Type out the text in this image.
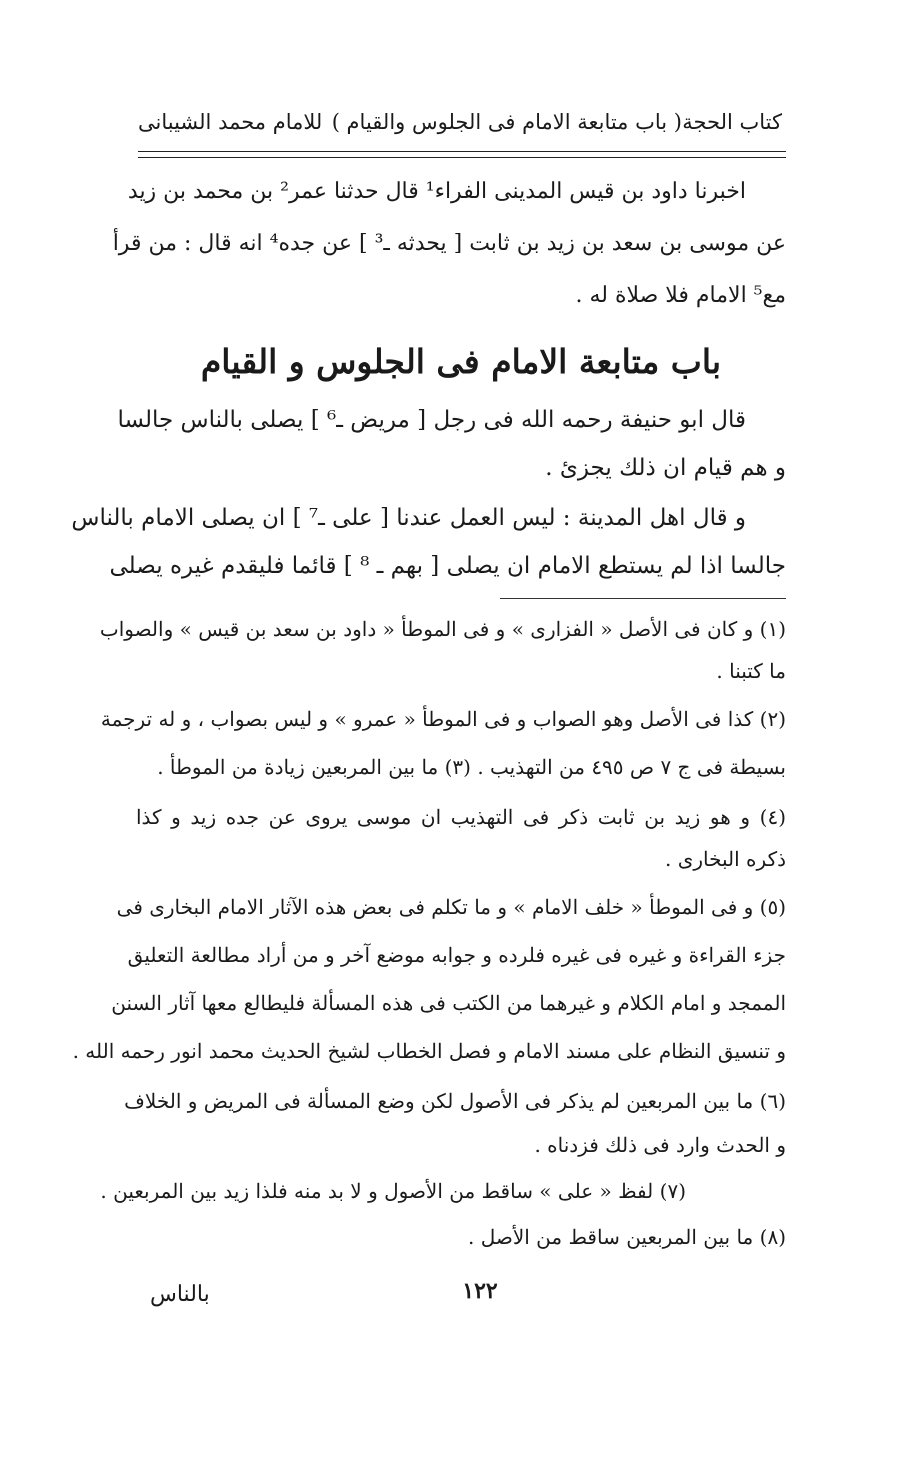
كتاب الحجة
( باب متابعة الامام فى الجلوس والقيام )
للامام محمد الشيبانى
اخبرنا داود بن قيس المدينى الفراء¹ قال حدثنا عمر² بن محمد بن زيد
عن موسى بن سعد بن زيد بن ثابت [ يحدثه ـ³ ] عن جده⁴ انه قال : من قرأ
مع⁵ الامام فلا صلاة له .
باب متابعة الامام فى الجلوس و القيام
قال ابو حنيفة رحمه الله فى رجل [ مريض ـ⁶ ] يصلى بالناس جالسا
و هم قيام ان ذلك يجزئ .
و قال اهل المدينة : ليس العمل عندنا [ على ـ⁷ ] ان يصلى الامام بالناس
جالسا اذا لم يستطع الامام ان يصلى [ بهم ـ ⁸ ] قائما فليقدم غيره يصلى
(١) و كان فى الأصل « الفزارى » و فى الموطأ « داود بن سعد بن قيس » والصواب
ما كتبنا .
(٢) كذا فى الأصل وهو الصواب و فى الموطأ « عمرو » و ليس بصواب ، و له ترجمة
بسيطة فى ج ٧ ص ٤٩٥ من التهذيب . (٣) ما بين المربعين زيادة من الموطأ .
(٤) و هو زيد بن ثابت ذكر فى التهذيب ان موسى يروى عن جده زيد و كذا
ذكره البخارى .
(٥) و فى الموطأ « خلف الامام » و ما تكلم فى بعض هذه الآثار الامام البخارى فى
جزء القراءة و غيره فى غيره فلرده و جوابه موضع آخر و من أراد مطالعة التعليق
الممجد و امام الكلام و غيرهما من الكتب فى هذه المسألة فليطالع معها آثار السنن
و تنسيق النظام على مسند الامام و فصل الخطاب لشيخ الحديث محمد انور رحمه الله .
(٦) ما بين المربعين لم يذكر فى الأصول لكن وضع المسألة فى المريض و الخلاف
و الحدث وارد فى ذلك فزدناه .
(٧) لفظ « على » ساقط من الأصول و لا بد منه فلذا زيد بين المربعين .
(٨) ما بين المربعين ساقط من الأصل .
١٢٢
بالناس
